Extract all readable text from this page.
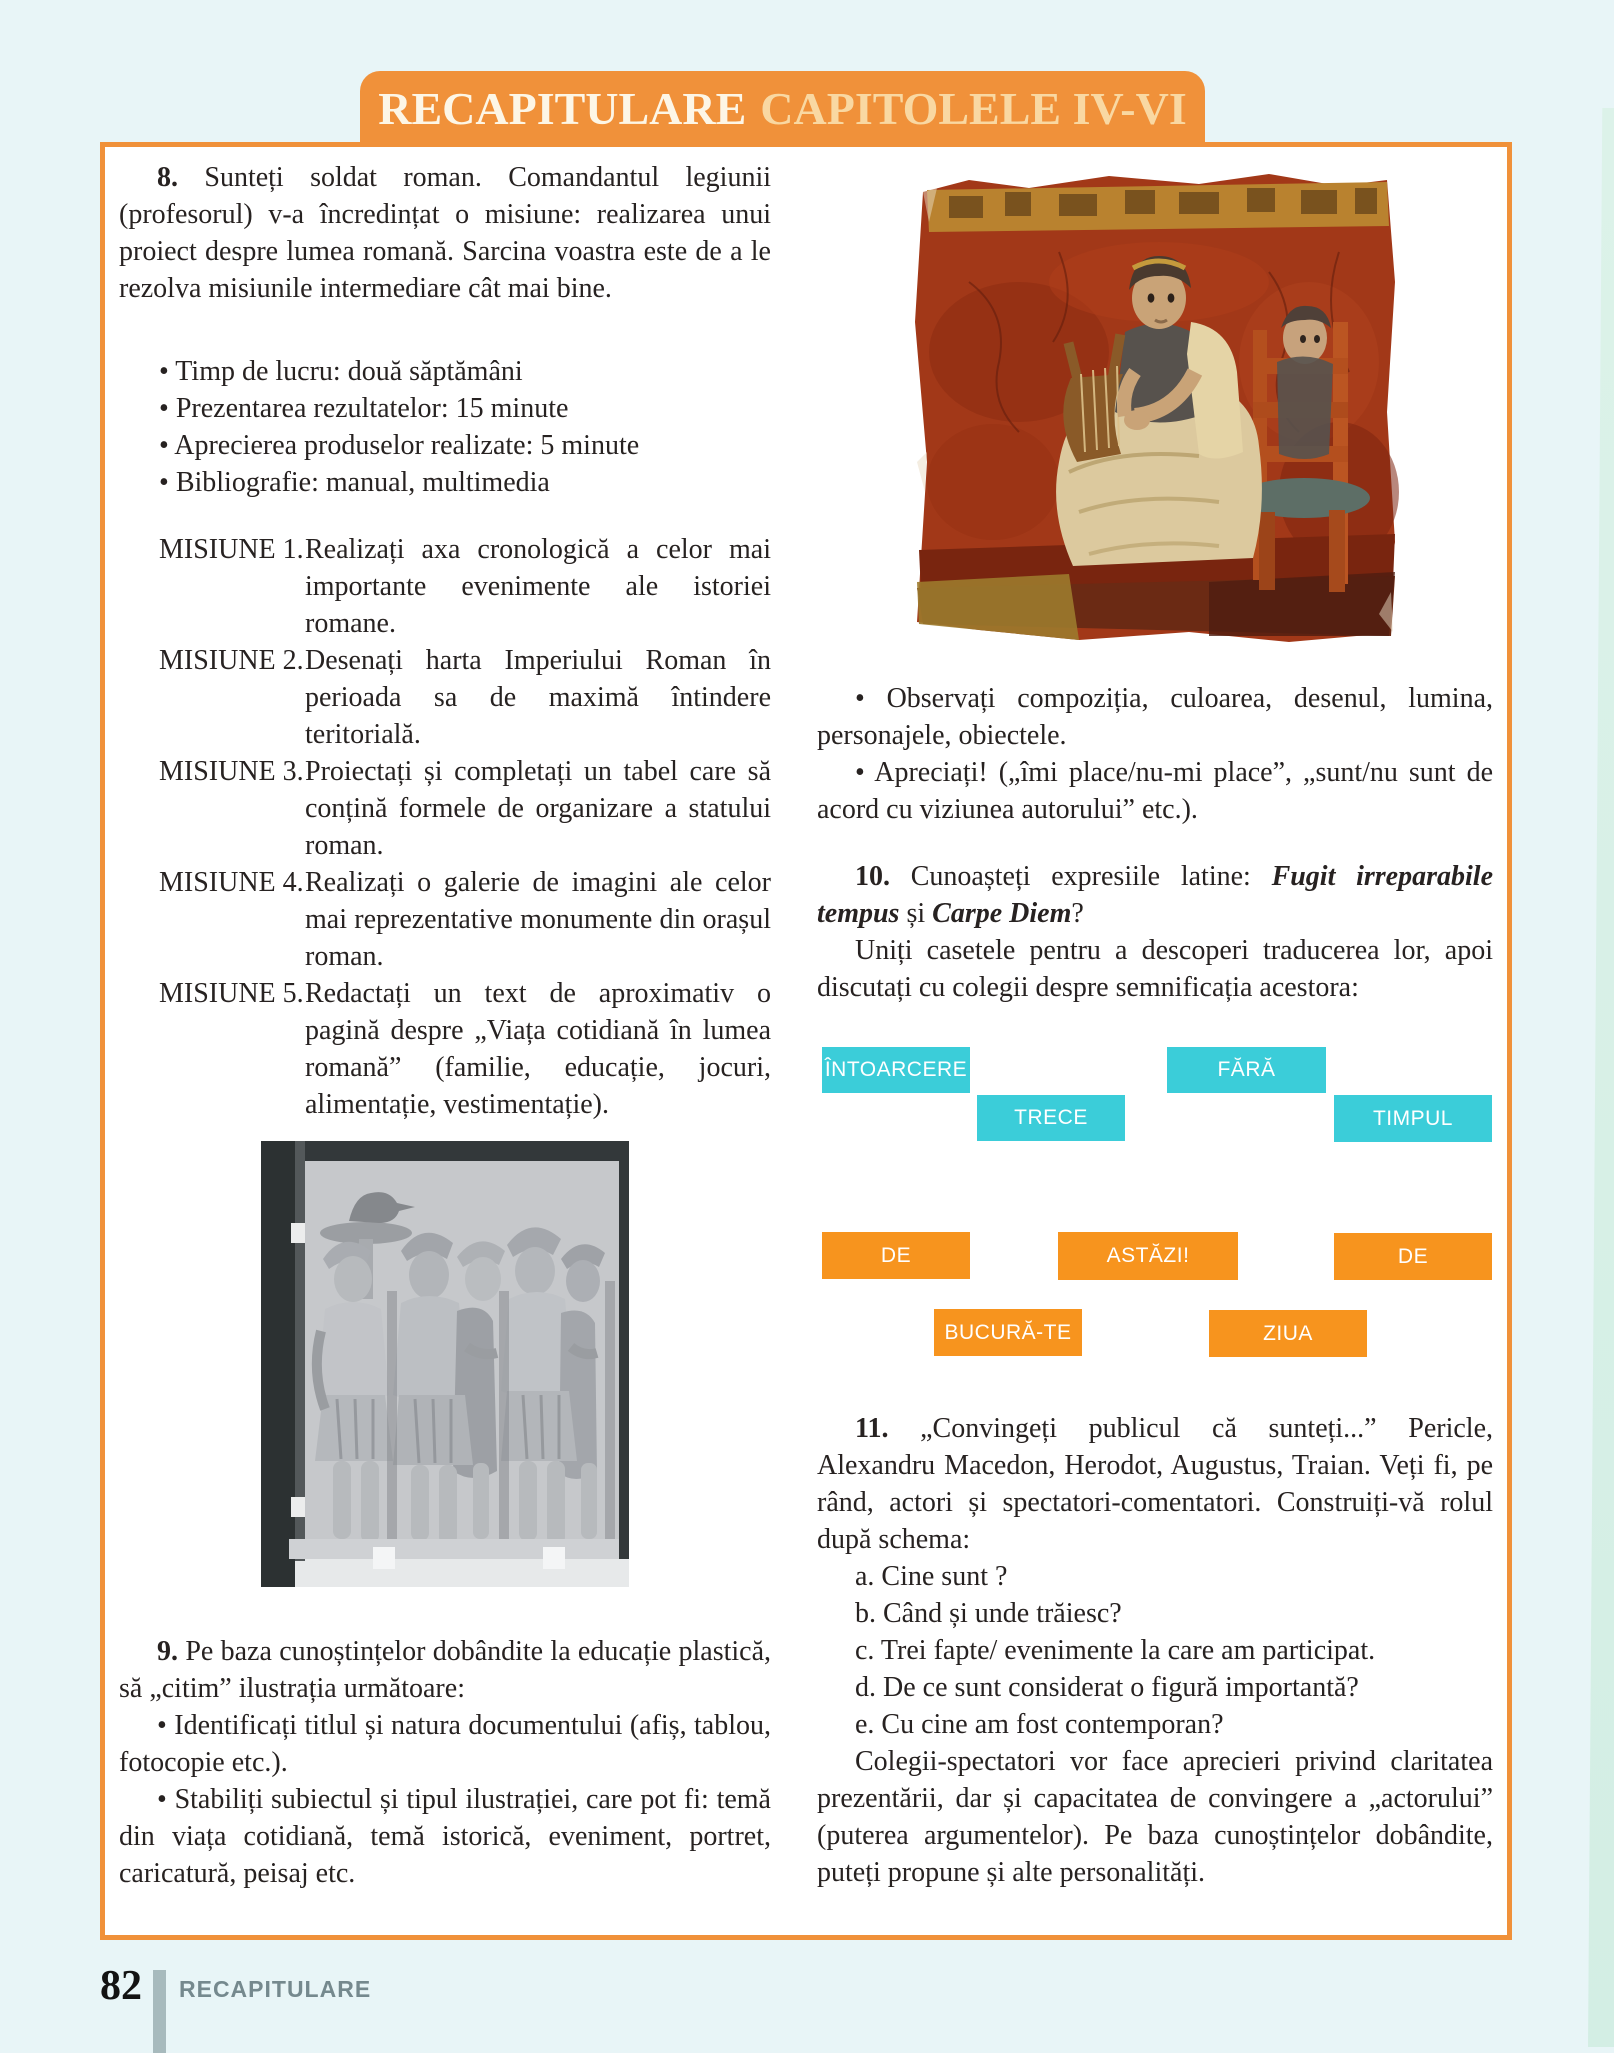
RECAPITULARE CAPITOLELE IV-VI

8. Sunteți soldat roman. Comandantul legiunii (profesorul) v-a încredințat o misiune: realizarea unui proiect despre lumea romană. Sarcina voastra este de a le rezolva misiunile intermediare cât mai bine.

• Timp de lucru: două săptămâni
• Prezentarea rezultatelor: 15 minute
• Aprecierea produselor realizate: 5 minute
• Bibliografie: manual, multimedia
MISIUNE 1. Realizați axa cronologică a celor mai importante evenimente ale istoriei romane.
MISIUNE 2. Desenați harta Imperiului Roman în perioada sa de maximă întindere teritorială.
MISIUNE 3. Proiectați și completați un tabel care să conțină formele de organizare a statului roman.
MISIUNE 4. Realizați o galerie de imagini ale celor mai reprezentative monumente din orașul roman.
MISIUNE 5. Redactați un text de aproximativ o pagină despre „Viața cotidiană în lumea romană” (familie, educație, jocuri, alimentație, vestimentație).

9. Pe baza cunoștințelor dobândite la educație plastică, să „citim” ilustrația următoare:

• Identificați titlul și natura documentului (afiș, tablou, fotocopie etc.).

• Stabiliți subiectul și tipul ilustrației, care pot fi: temă din viața cotidiană, temă istorică, eveniment, portret, caricatură, peisaj etc.

• Observați compoziția, culoarea, desenul, lumina, personajele, obiectele.

• Apreciați! („îmi place/nu-mi place”, „sunt/nu sunt de acord cu viziunea autorului” etc.).

10. Cunoașteți expresiile latine: Fugit irreparabile tempus și Carpe Diem?

Uniți casetele pentru a descoperi traducerea lor, apoi discutați cu colegii despre semnificația acestora:

ÎNTOARCERE	FĂRĂ
TRECE	TIMPUL
DE	ASTĂZI!	DE
BUCURĂ-TE	ZIUA

11. „Convingeți publicul că sunteți...” Pericle, Alexandru Macedon, Herodot, Augustus, Traian. Veți fi, pe rând, actori și spectatori-comentatori. Construiți-vă rolul după schema:

a. Cine sunt ?
b. Când și unde trăiesc?
c. Trei fapte/ evenimente la care am participat.
d. De ce sunt considerat o figură importantă?
e. Cu cine am fost contemporan?

Colegii-spectatori vor face aprecieri privind claritatea prezentării, dar și capacitatea de convingere a „actorului” (puterea argumentelor). Pe baza cunoștințelor dobândite, puteți propune și alte personalități.

82 RECAPITULARE
